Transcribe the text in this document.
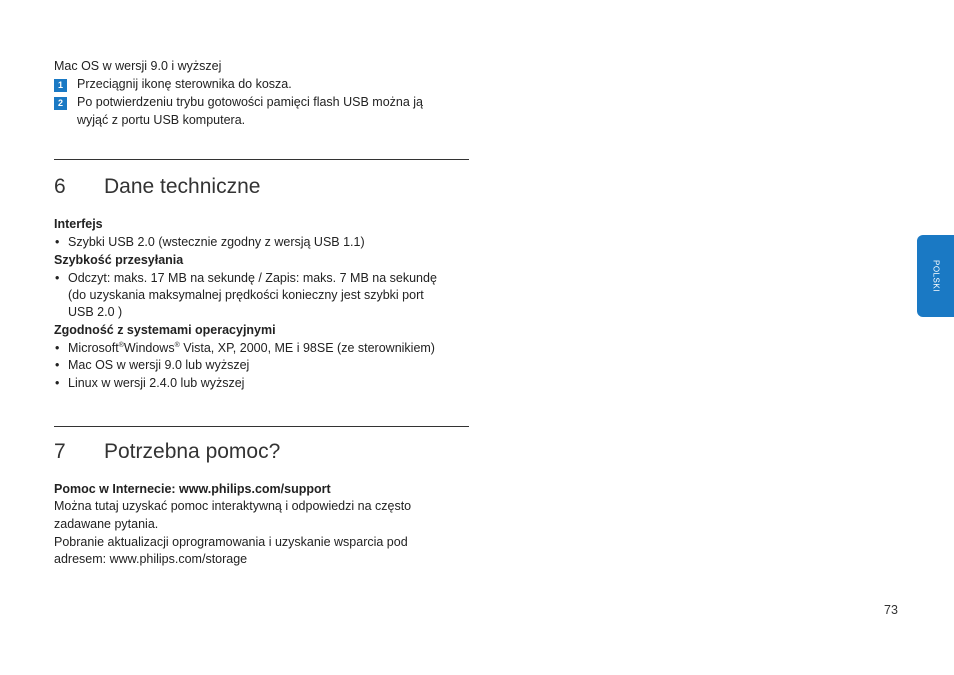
Mac OS w wersji 9.0 i wyższej
1	Przeciągnij ikonę sterownika do kosza.
2	Po potwierdzeniu trybu gotowości pamięci flash USB można ją
wyjąć z portu USB komputera.
6 Dane techniczne
Interfejs
• Szybki USB 2.0 (wstecznie zgodny z wersją USB 1.1)
Szybkość przesyłania
• Odczyt: maks. 17 MB na sekundę / Zapis: maks. 7 MB na sekundę
(do uzyskania maksymalnej prędkości konieczny jest szybki port
USB 2.0 )
Zgodność z systemami operacyjnymi
• Microsoft®Windows® Vista, XP, 2000, ME i 98SE (ze sterownikiem)
• Mac OS w wersji 9.0 lub wyższej
• Linux w wersji 2.4.0 lub wyższej
7 Potrzebna pomoc?
Pomoc w Internecie: www.philips.com/support
Można tutaj uzyskać pomoc interaktywną i odpowiedzi na często
zadawane pytania.
Pobranie aktualizacji oprogramowania i uzyskanie wsparcia pod
adresem: www.philips.com/storage
POLSKI
73
